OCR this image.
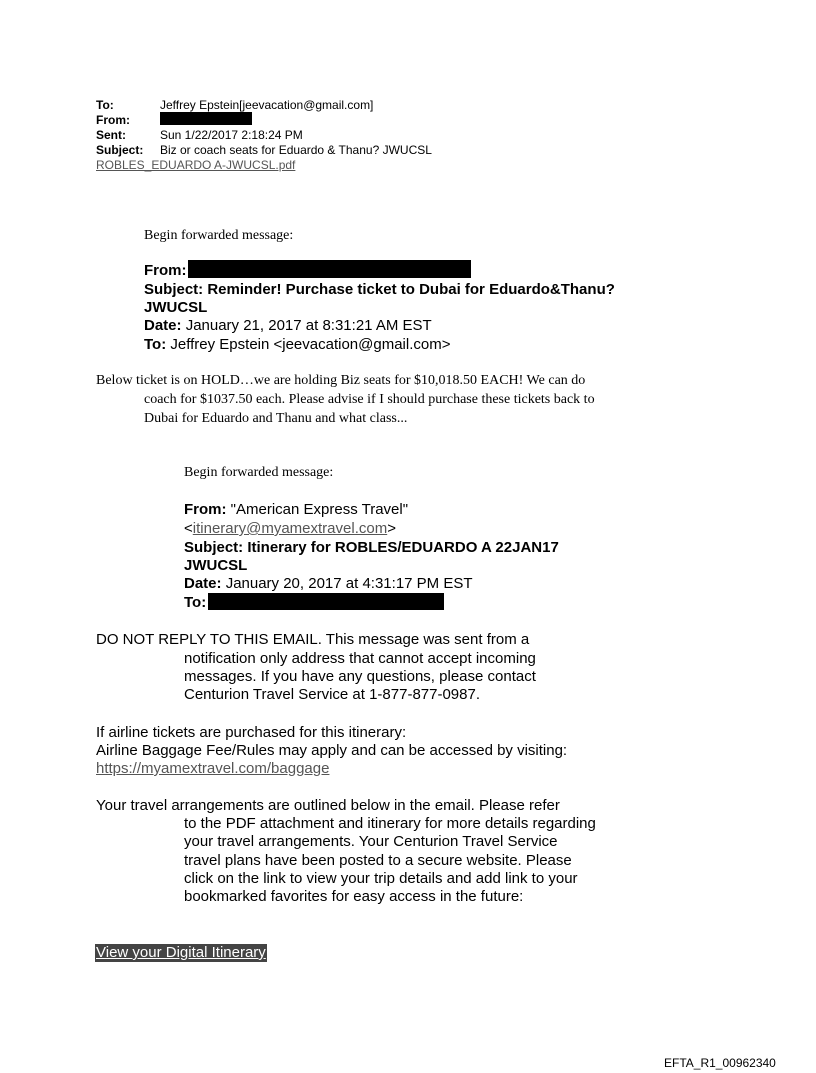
To:	Jeffrey Epstein[jeevacation@gmail.com]
From:
Sent:	Sun 1/22/2017 2:18:24 PM
Subject: Biz or coach seats for Eduardo & Thanu? JWUCSL
ROBLES_EDUARDO A-JWUCSL.pdf
Begin forwarded message:
From:
Subject: Reminder! Purchase ticket to Dubai for Eduardo&Thanu?
JWUCSL
Date: January 21, 2017 at 8:31:21 AM EST
To: Jeffrey Epstein <jeevacation@gmail.com>
Below ticket is on HOLD…we are holding Biz seats for $10,018.50 EACH! We can do
coach for $1037.50 each. Please advise if I should purchase these tickets back to
Dubai for Eduardo and Thanu and what class...
Begin forwarded message:
From: "American Express Travel"
<itinerary@myamextravel.com>
Subject: Itinerary for ROBLES/EDUARDO A 22JAN17
JWUCSL
Date: January 20, 2017 at 4:31:17 PM EST
To:
DO NOT REPLY TO THIS EMAIL. This message was sent from a
notification only address that cannot accept incoming
messages. If you have any questions, please contact
Centurion Travel Service at 1-877-877-0987.
If airline tickets are purchased for this itinerary:
Airline Baggage Fee/Rules may apply and can be accessed by visiting:
https://myamextravel.com/baggage
Your travel arrangements are outlined below in the email. Please refer
to the PDF attachment and itinerary for more details regarding
your travel arrangements. Your Centurion Travel Service
travel plans have been posted to a secure website. Please
click on the link to view your trip details and add link to your
bookmarked favorites for easy access in the future:
View your Digital Itinerary
EFTA_R1_00962340
